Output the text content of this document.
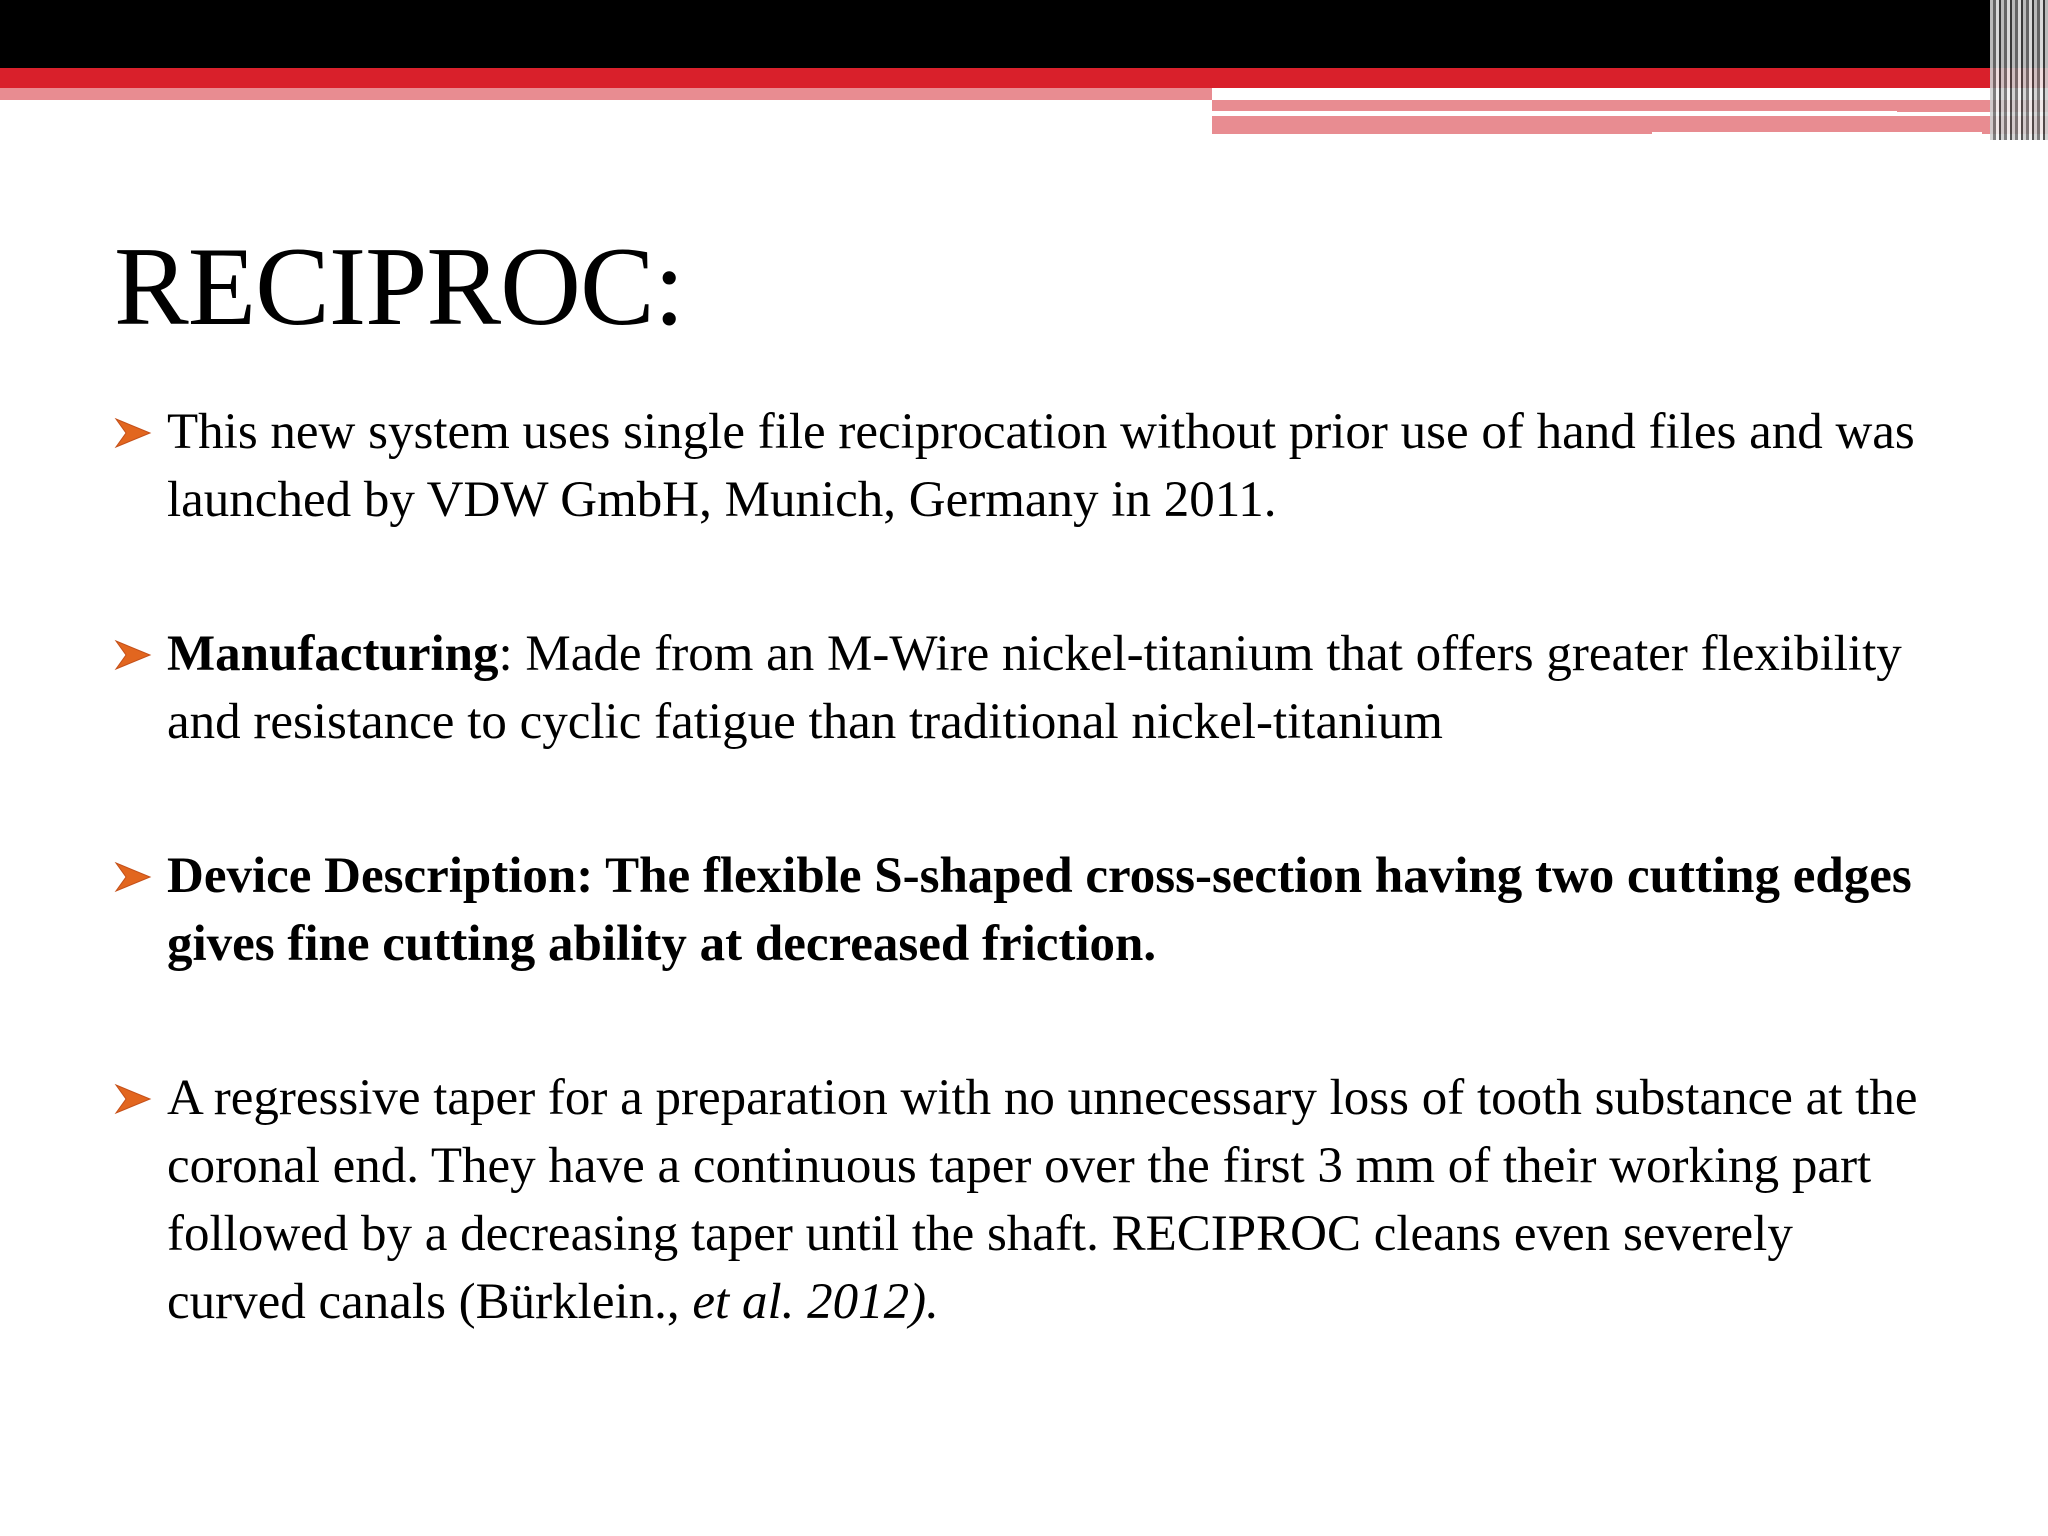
RECIPROC:
This new system uses single file reciprocation without prior use of hand files and was launched by VDW GmbH, Munich, Germany in 2011.
Manufacturing: Made from an M-Wire nickel-titanium that offers greater flexibility and resistance to cyclic fatigue than traditional nickel-titanium
Device Description: The flexible S-shaped cross-section having two cutting edges gives fine cutting ability at decreased friction.
A regressive taper for a preparation with no unnecessary loss of tooth substance at the coronal end. They have a continuous taper over the first 3 mm of their working part followed by a decreasing taper until the shaft. RECIPROC cleans even severely curved canals (Bürklein., et al. 2012).
